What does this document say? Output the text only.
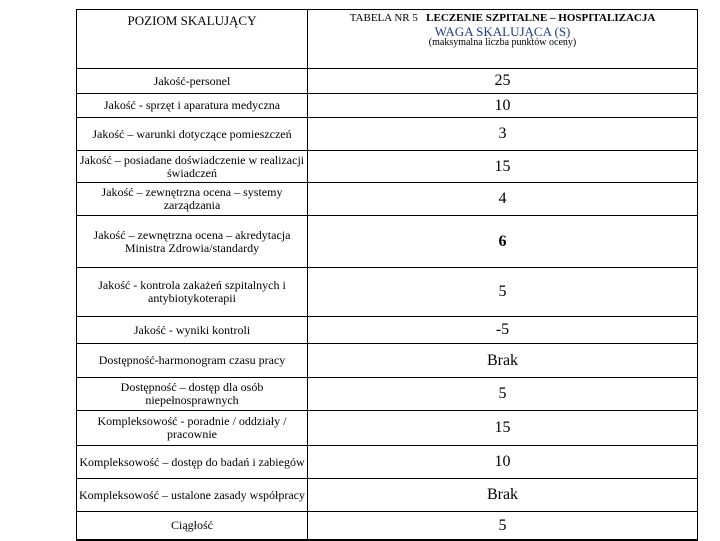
POZIOM SKALUJĄCY	TABELA NR 5 LECZENIE SZPITALNE – HOSPITALIZACJA
WAGA SKALUJĄCA (S)
(maksymalna liczba punktów oceny)

Jakość-personel	25
Jakość - sprzęt i aparatura medyczna	10
Jakość – warunki dotyczące pomieszczeń	3
Jakość – posiadane doświadczenie w realizacji świadczeń	15
Jakość – zewnętrzna ocena – systemy zarządzania	4
Jakość – zewnętrzna ocena – akredytacja Ministra Zdrowia/standardy	6
Jakość - kontrola zakażeń szpitalnych i antybiotykoterapii	5
Jakość - wyniki kontroli	-5
Dostępność-harmonogram czasu pracy	Brak
Dostępność – dostęp dla osób niepełnosprawnych	5
Kompleksowość - poradnie / oddziały / pracownie	15
Kompleksowość – dostęp do badań i zabiegów	10
Kompleksowość – ustalone zasady współpracy	Brak
Ciągłość	5
